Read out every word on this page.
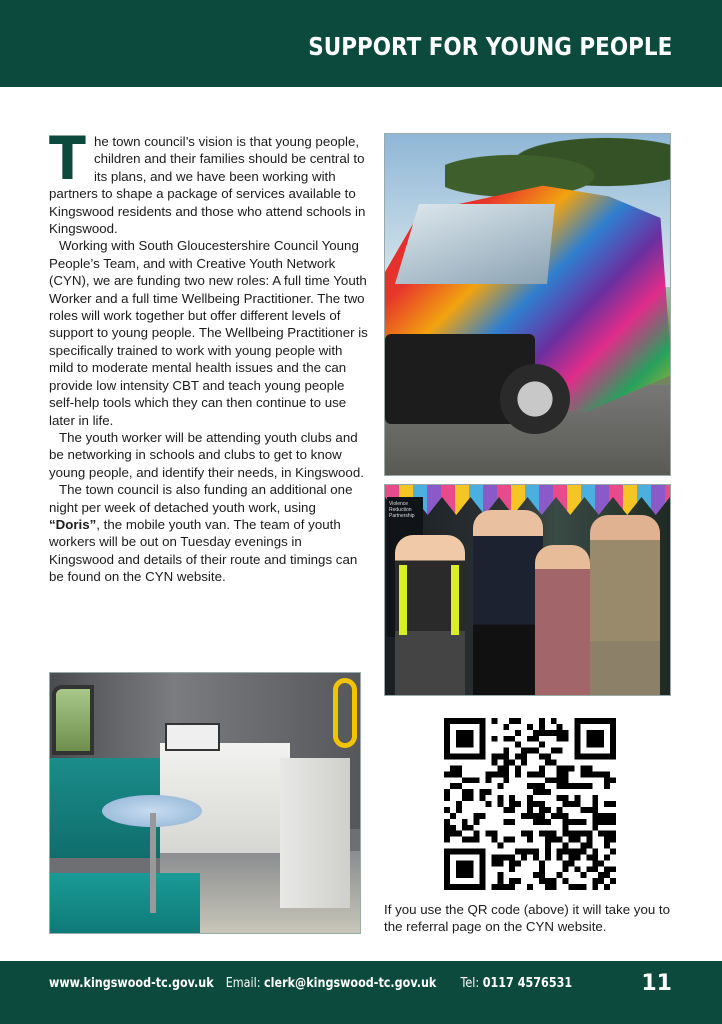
SUPPORT FOR YOUNG PEOPLE

The town council’s vision is that young people, children and their families should be central to its plans, and we have been working with partners to shape a package of services available to Kingswood residents and those who attend schools in Kingswood.

Working with South Gloucestershire Council Young People’s Team, and with Creative Youth Network (CYN), we are funding two new roles: A full time Youth Worker and a full time Wellbeing Practitioner. The two roles will work together but offer different levels of support to young people. The Wellbeing Practitioner is specifically trained to work with young people with mild to moderate mental health issues and the can provide low intensity CBT and teach young people self-help tools which they can then continue to use later in life.

The youth worker will be attending youth clubs and be networking in schools and clubs to get to know young people, and identify their needs, in Kingswood.

The town council is also funding an additional one night per week of detached youth work, using “Doris”, the mobile youth van. The team of youth workers will be out on Tuesday evenings in Kingswood and details of their route and timings can be found on the CYN website.

Violence Reduction Partnership
If you use the QR code (above) it will take you to the referral page on the CYN website.
www.kingswood-tc.gov.uk Email: clerk@kingswood-tc.gov.uk Tel: 0117 4576531	11
